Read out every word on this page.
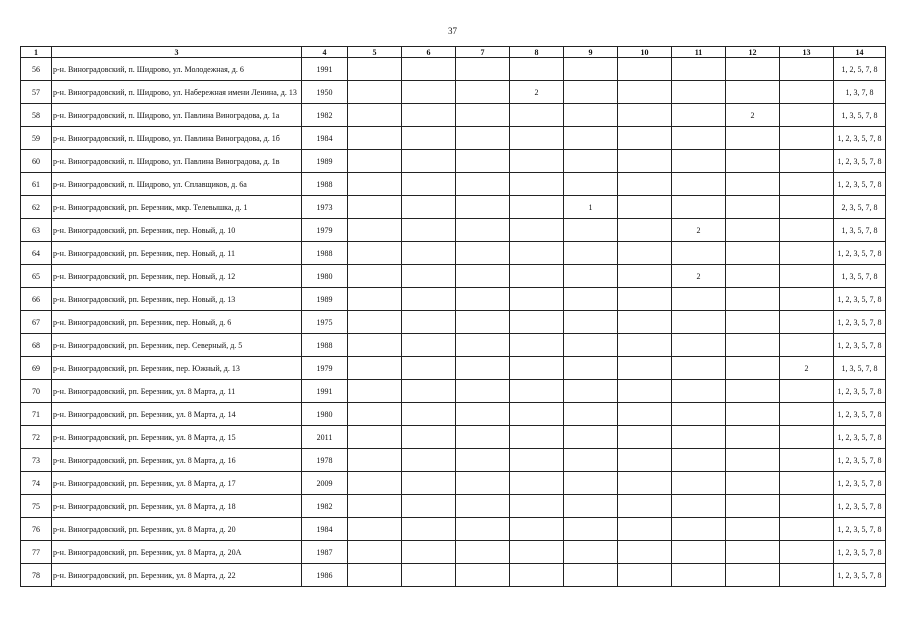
37
1	3	4	5	6	7	8	9	10	11	12	13	14
56	р-н. Виноградовский, п. Шидрово, ул. Молодежная, д. 6	1991										1, 2, 5, 7, 8
57	р-н. Виноградовский, п. Шидрово, ул. Набережная имени Ленина, д. 13	1950				2						1, 3, 7, 8
58	р-н. Виноградовский, п. Шидрово, ул. Павлина Виноградова, д. 1а	1982								2		1, 3, 5, 7, 8
59	р-н. Виноградовский, п. Шидрово, ул. Павлина Виноградова, д. 1б	1984										1, 2, 3, 5, 7, 8
60	р-н. Виноградовский, п. Шидрово, ул. Павлина Виноградова, д. 1в	1989										1, 2, 3, 5, 7, 8
61	р-н. Виноградовский, п. Шидрово, ул. Сплавщиков, д. 6а	1988										1, 2, 3, 5, 7, 8
62	р-н. Виноградовский, рп. Березник, мкр. Телевышка, д. 1	1973					1					2, 3, 5, 7, 8
63	р-н. Виноградовский, рп. Березник, пер. Новый, д. 10	1979							2			1, 3, 5, 7, 8
64	р-н. Виноградовский, рп. Березник, пер. Новый, д. 11	1988										1, 2, 3, 5, 7, 8
65	р-н. Виноградовский, рп. Березник, пер. Новый, д. 12	1980							2			1, 3, 5, 7, 8
66	р-н. Виноградовский, рп. Березник, пер. Новый, д. 13	1989										1, 2, 3, 5, 7, 8
67	р-н. Виноградовский, рп. Березник, пер. Новый, д. 6	1975										1, 2, 3, 5, 7, 8
68	р-н. Виноградовский, рп. Березник, пер. Северный, д. 5	1988										1, 2, 3, 5, 7, 8
69	р-н. Виноградовский, рп. Березник, пер. Южный, д. 13	1979									2	1, 3, 5, 7, 8
70	р-н. Виноградовский, рп. Березник, ул. 8 Марта, д. 11	1991										1, 2, 3, 5, 7, 8
71	р-н. Виноградовский, рп. Березник, ул. 8 Марта, д. 14	1980										1, 2, 3, 5, 7, 8
72	р-н. Виноградовский, рп. Березник, ул. 8 Марта, д. 15	2011										1, 2, 3, 5, 7, 8
73	р-н. Виноградовский, рп. Березник, ул. 8 Марта, д. 16	1978										1, 2, 3, 5, 7, 8
74	р-н. Виноградовский, рп. Березник, ул. 8 Марта, д. 17	2009										1, 2, 3, 5, 7, 8
75	р-н. Виноградовский, рп. Березник, ул. 8 Марта, д. 18	1982										1, 2, 3, 5, 7, 8
76	р-н. Виноградовский, рп. Березник, ул. 8 Марта, д. 20	1984										1, 2, 3, 5, 7, 8
77	р-н. Виноградовский, рп. Березник, ул. 8 Марта, д. 20А	1987										1, 2, 3, 5, 7, 8
78	р-н. Виноградовский, рп. Березник, ул. 8 Марта, д. 22	1986										1, 2, 3, 5, 7, 8
